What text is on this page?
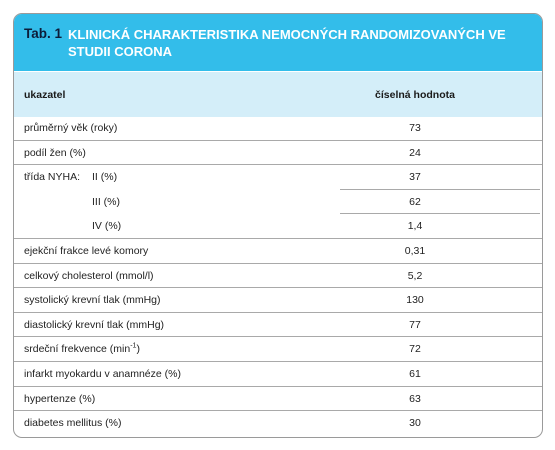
Tab. 1 KLINICKÁ CHARAKTERISTIKA NEMOCNÝCH RANDOMIZOVANÝCH VE STUDII CORONA
ukazatel	číselná hodnota
průměrný věk (roky)	73
podíl žen (%)	24
třída NYHA: II (%)	37
III (%)	62
IV (%)	1,4
ejekční frakce levé komory	0,31
celkový cholesterol (mmol/l)	5,2
systolický krevní tlak (mmHg)	130
diastolický krevní tlak (mmHg)	77
srdeční frekvence $(\min^{-1})$	72
infarkt myokardu v anamnéze (%)	61
hypertenze (%)	63
diabetes mellitus (%)	30
